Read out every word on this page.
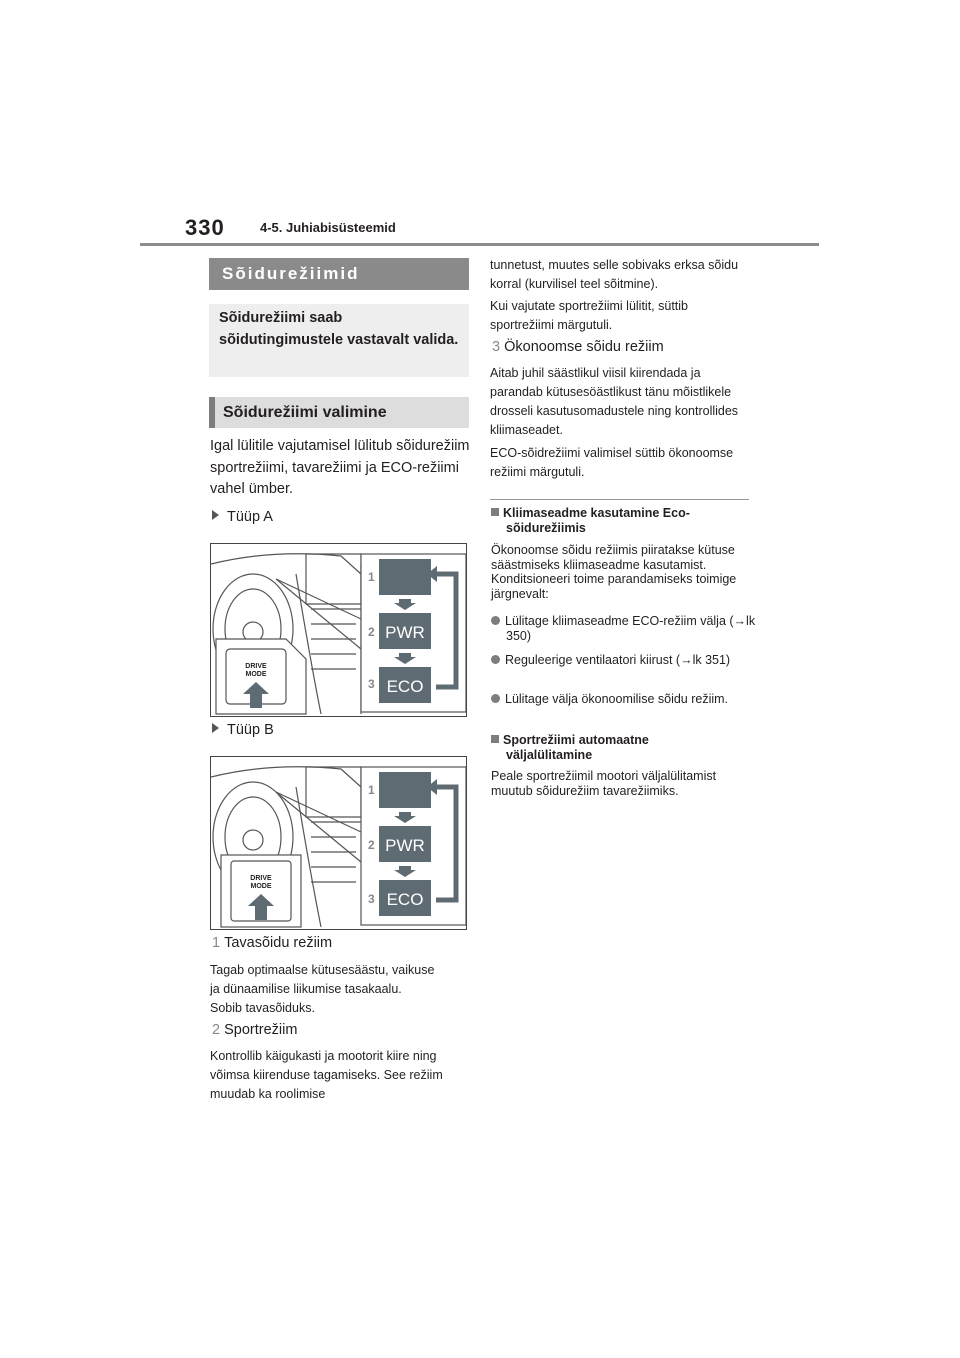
330	4-5. Juhiabisüsteemid
Sõidurežiimid
Sõidurežiimi saab sõidutingimustele vastavalt valida.
Sõidurežiimi valimine
Igal lülitile vajutamisel lülitub sõidurežiim sportrežiimi, tavarežiimi ja ECO-režiimi vahel ümber.
Tüüp A
DRIVE
MODE
1
2
3
PWR
ECO
Tüüp B
DRIVE
MODE
1
2
3
PWR
ECO
1 Tavasõidu režiim
Tagab optimaalse kütusesäästu, vaikuse ja dünaamilise liikumise tasakaalu. Sobib tavasõiduks.
2 Sportrežiim
Kontrollib käigukasti ja mootorit kiire ning võimsa kiirenduse tagamiseks. See režiim muudab ka roolimise
tunnetust, muutes selle sobivaks erksa sõidu korral (kurvilisel teel sõitmine).
Kui vajutate sportrežiimi lülitit, süttib sportrežiimi märgutuli.
3 Ökonoomse sõidu režiim
Aitab juhil säästlikul viisil kiirendada ja parandab kütusesöästlikust tänu mõistlikele drosseli kasutusomadustele ning kontrollides kliimaseadet.
ECO-sõidrežiimi valimisel süttib ökonoomse režiimi märgutuli.
Kliimaseadme kasutamine Eco-sõidurežiimis
Ökonoomse sõidu režiimis piiratakse kütuse säästmiseks kliimaseadme kasutamist. Konditsioneeri toime parandamiseks toimige järgnevalt:
Lülitage kliimaseadme ECO-režiim välja (→lk 350)
Reguleerige ventilaatori kiirust (→lk 351)
Lülitage välja ökonoomilise sõidu režiim.
Sportrežiimi automaatne väljalülitamine
Peale sportrežiimil mootori väljalülitamist muutub sõidurežiim tavarežiimiks.
